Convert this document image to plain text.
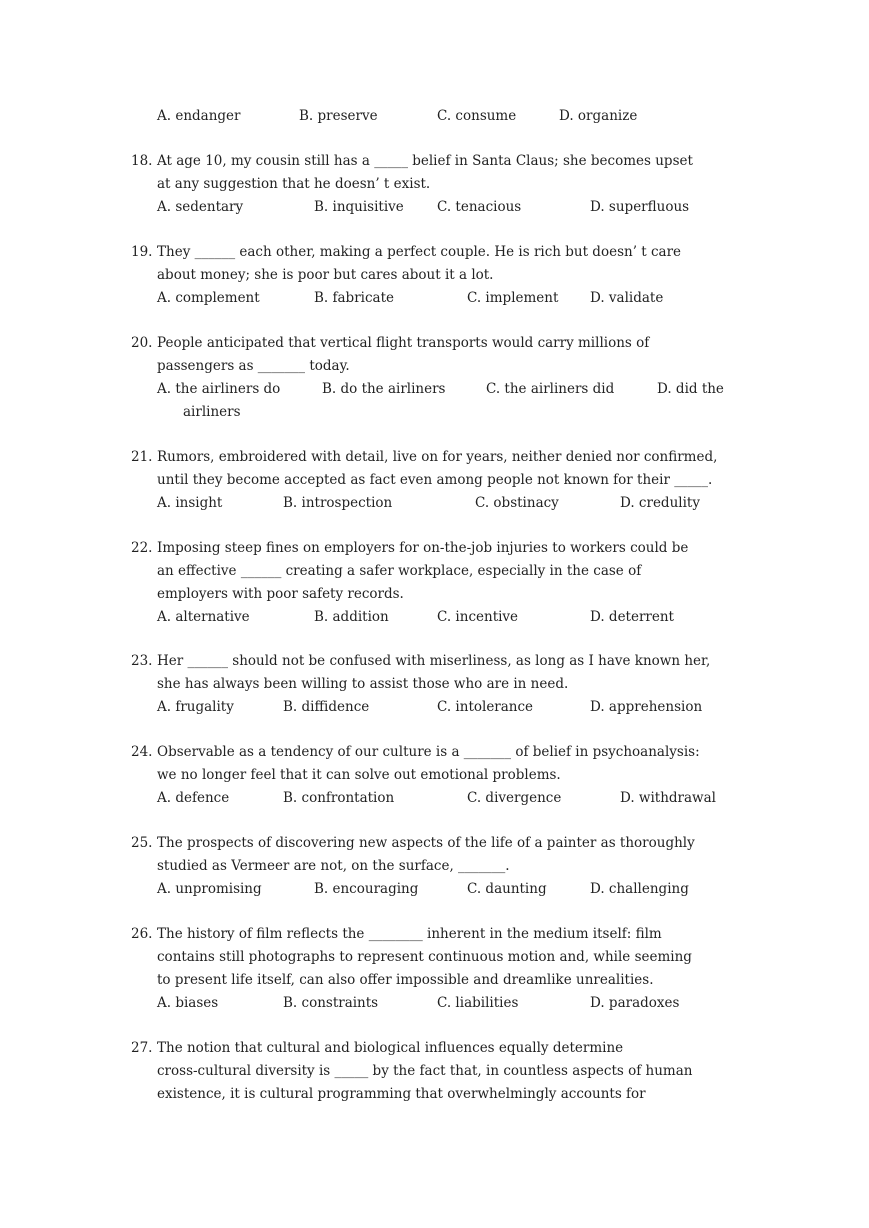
A. endanger	B. preserve	C. consume	D. organize
18. At age 10, my cousin still has a _____ belief in Santa Claus; she becomes upset
at any suggestion that he doesn’ t exist.
A. sedentary	B. inquisitive C. tenacious	D. superfluous
19. They ______ each other, making a perfect couple. He is rich but doesn’ t care
about money; she is poor but cares about it a lot.
A. complement	B. fabricate	C. implement D. validate
20. People anticipated that vertical flight transports would carry millions of
passengers as _______ today.
A. the airliners do	B. do the airliners	C. the airliners did	D. did the
airliners
21. Rumors, embroidered with detail, live on for years, neither denied nor confirmed,
until they become accepted as fact even among people not known for their _____.
A. insight	B. introspection	C. obstinacy	D. credulity
22. Imposing steep fines on employers for on-the-job injuries to workers could be
an effective ______ creating a safer workplace, especially in the case of
employers with poor safety records.
A. alternative	B. addition	C. incentive	D. deterrent
23. Her ______ should not be confused with miserliness, as long as I have known her,
she has always been willing to assist those who are in need.
A. frugality	B. diffidence	C. intolerance	D. apprehension
24. Observable as a tendency of our culture is a _______ of belief in psychoanalysis:
we no longer feel that it can solve out emotional problems.
A. defence	B. confrontation	C. divergence	D. withdrawal
25. The prospects of discovering new aspects of the life of a painter as thoroughly
studied as Vermeer are not, on the surface, _______.
A. unpromising	B. encouraging	C. daunting	D. challenging
26. The history of film reflects the ________ inherent in the medium itself: film
contains still photographs to represent continuous motion and, while seeming
to present life itself, can also offer impossible and dreamlike unrealities.
A. biases	B. constraints	C. liabilities	D. paradoxes
27. The notion that cultural and biological influences equally determine
cross-cultural diversity is _____ by the fact that, in countless aspects of human
existence, it is cultural programming that overwhelmingly accounts for
